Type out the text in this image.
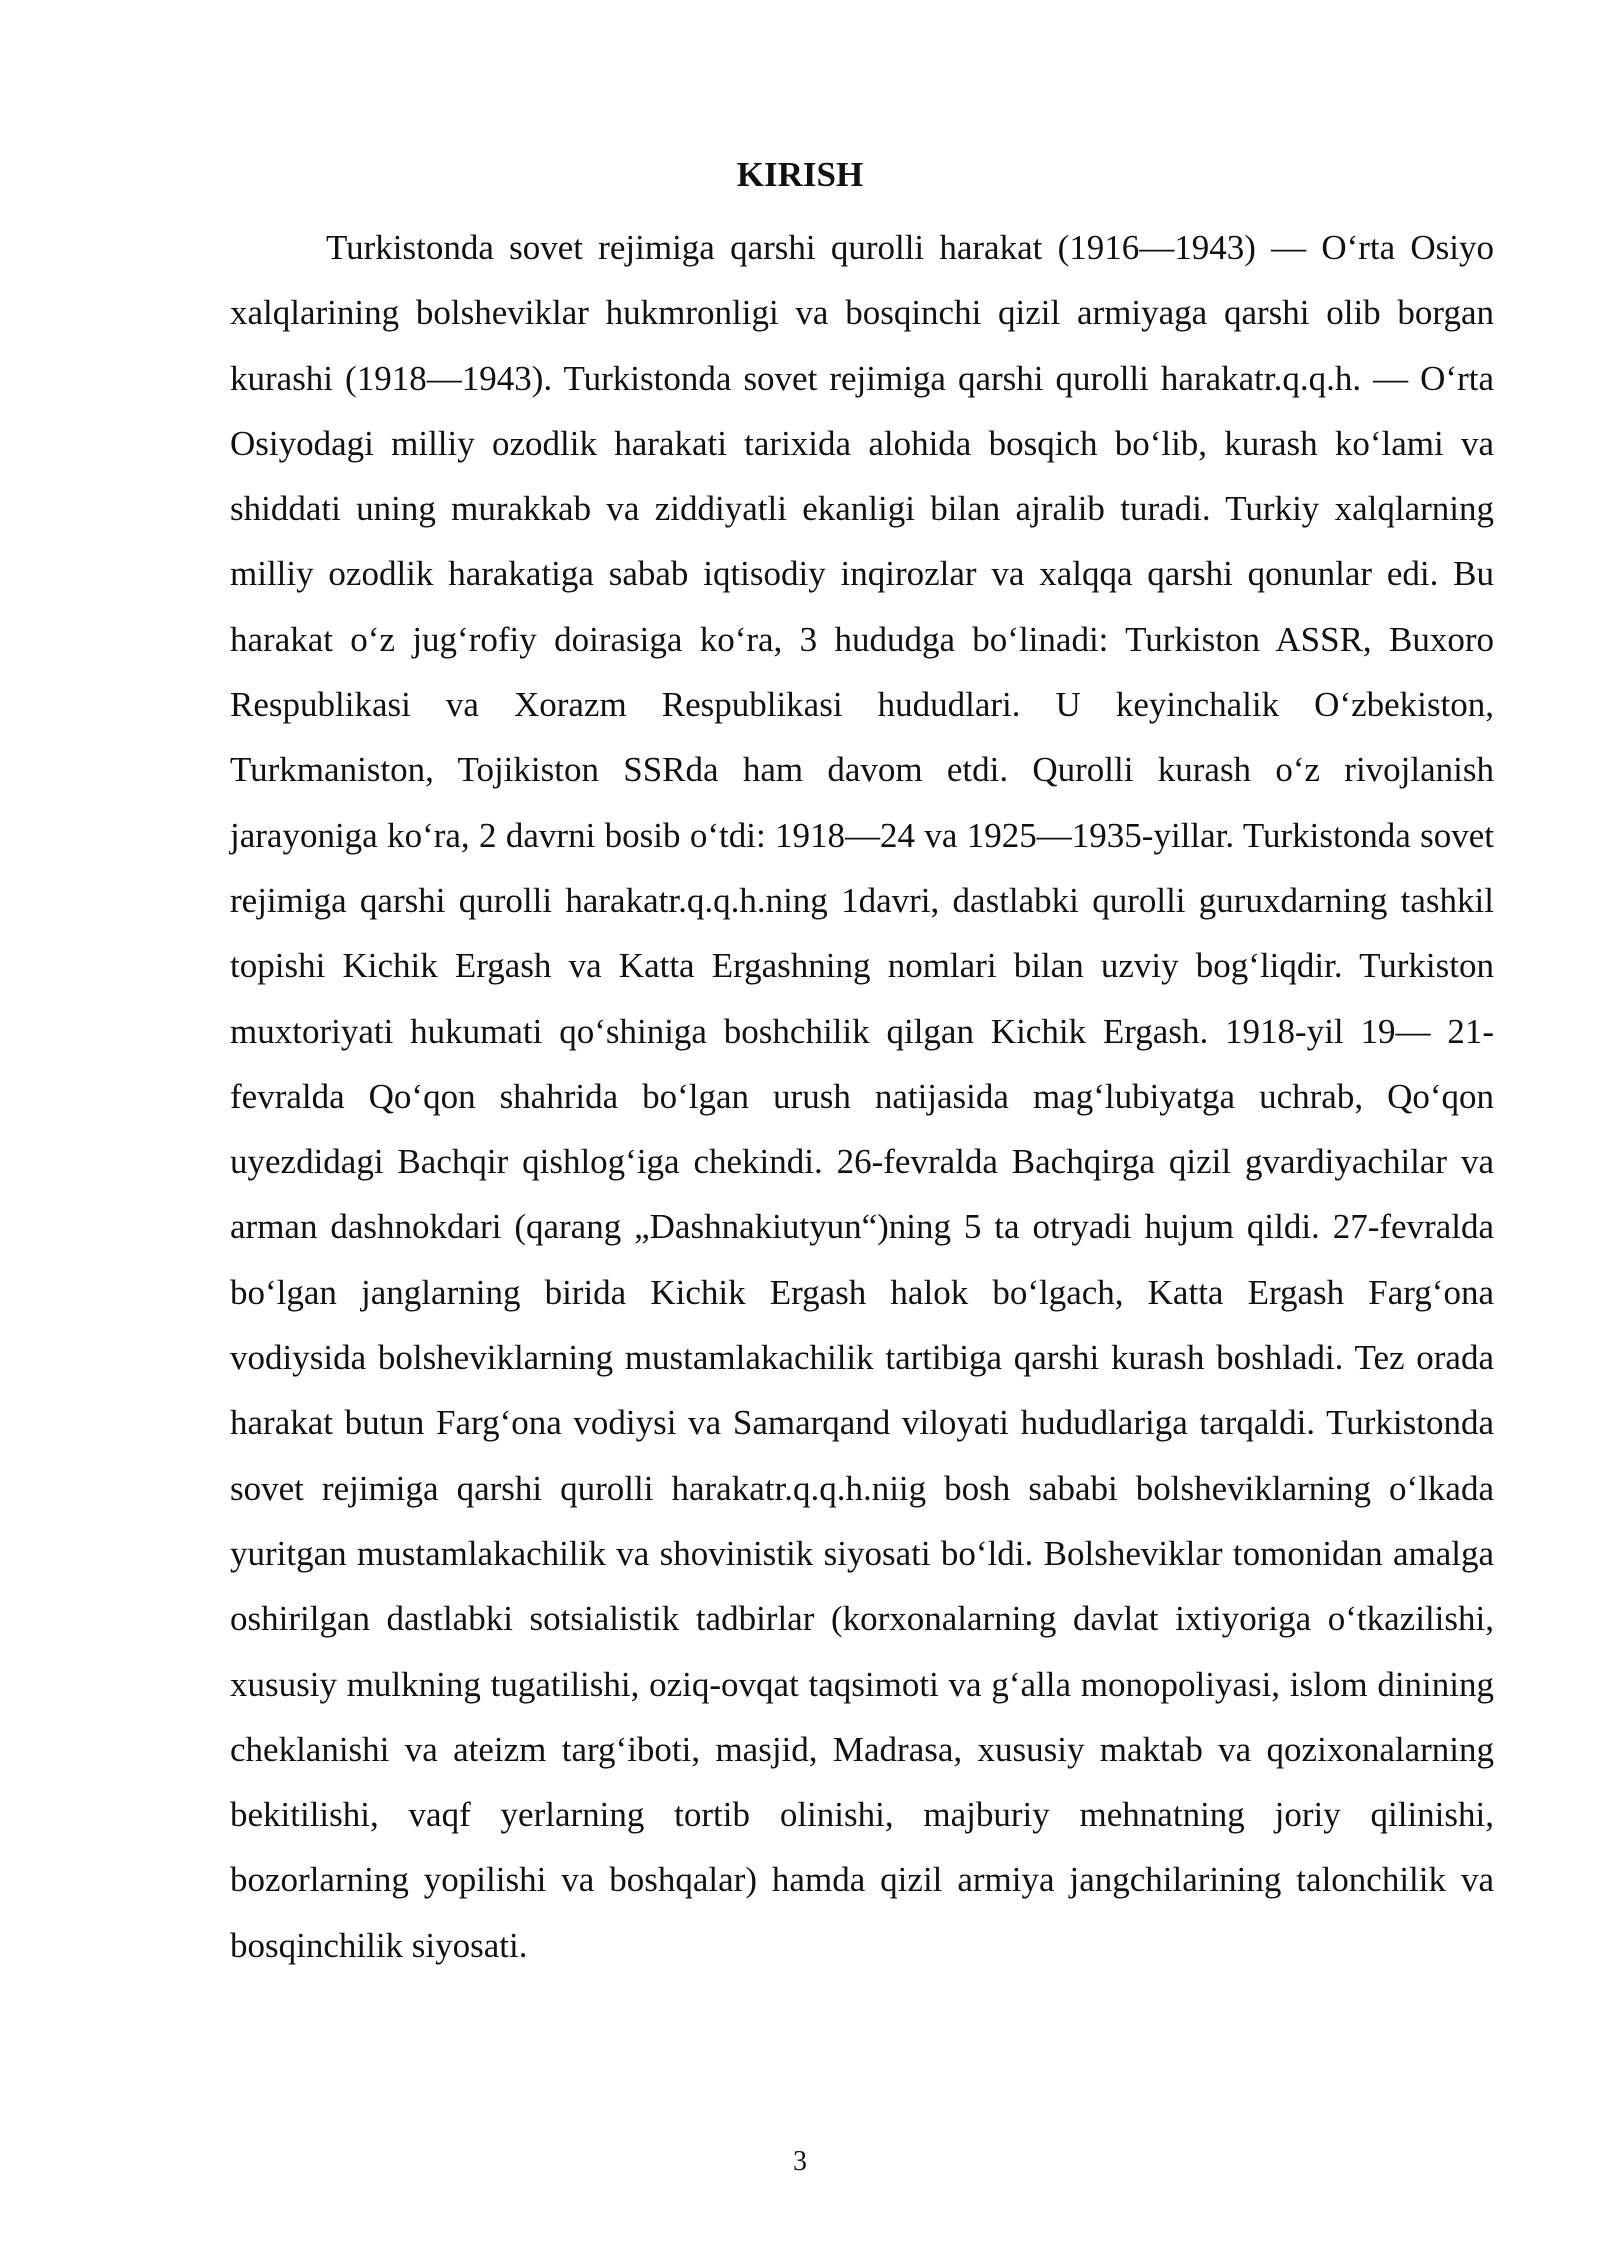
KIRISH

Turkistonda sovet rejimiga qarshi qurolli harakat (1916—1943) — Oʻrta Osiyo xalqlarining bolsheviklar hukmronligi va bosqinchi qizil armiyaga qarshi olib borgan kurashi (1918—1943). Turkistonda sovet rejimiga qarshi qurolli harakatr.q.q.h. — Oʻrta Osiyodagi milliy ozodlik harakati tarixida alohida bosqich boʻlib, kurash koʻlami va shiddati uning murakkab va ziddiyatli ekanligi bilan ajralib turadi. Turkiy xalqlarning milliy ozodlik harakatiga sabab iqtisodiy inqirozlar va xalqqa qarshi qonunlar edi. Bu harakat oʻz jugʻrofiy doirasiga koʻra, 3 hududga boʻlinadi: Turkiston ASSR, Buxoro Respublikasi va Xorazm Respublikasi hududlari. U keyinchalik Oʻzbekiston, Turkmaniston, Tojikiston SSRda ham davom etdi. Qurolli kurash oʻz rivojlanish jarayoniga koʻra, 2 davrni bosib oʻtdi: 1918—24 va 1925—1935-yillar. Turkistonda sovet rejimiga qarshi qurolli harakatr.q.q.h.ning 1davri, dastlabki qurolli guruxdarning tashkil topishi Kichik Ergash va Katta Ergashning nomlari bilan uzviy bogʻliqdir. Turkiston muxtoriyati hukumati qoʻshiniga boshchilik qilgan Kichik Ergash. 1918-yil 19— 21-fevralda Qoʻqon shahrida boʻlgan urush natijasida magʻlubiyatga uchrab, Qoʻqon uyezdidagi Bachqir qishlogʻiga chekindi. 26-fevralda Bachqirga qizil gvardiyachilar va arman dashnokdari (qarang „Dashnakiutyun“)ning 5 ta otryadi hujum qildi. 27-fevralda boʻlgan janglarning birida Kichik Ergash halok boʻlgach, Katta Ergash Fargʻona vodiysida bolsheviklarning mustamlakachilik tartibiga qarshi kurash boshladi. Tez orada harakat butun Fargʻona vodiysi va Samarqand viloyati hududlariga tarqaldi. Turkistonda sovet rejimiga qarshi qurolli harakatr.q.q.h.niig bosh sababi bolsheviklarning oʻlkada yuritgan mustamlakachilik va shovinistik siyosati boʻldi. Bolsheviklar tomonidan amalga oshirilgan dastlabki sotsialistik tadbirlar (korxonalarning davlat ixtiyoriga oʻtkazilishi, xususiy mulkning tugatilishi, oziq-ovqat taqsimoti va gʻalla monopoliyasi, islom dinining cheklanishi va ateizm targʻiboti, masjid, Madrasa, xususiy maktab va qozixonalarning bekitilishi, vaqf yerlarning tortib olinishi, majburiy mehnatning joriy qilinishi, bozorlarning yopilishi va boshqalar) hamda qizil armiya jangchilarining talonchilik va bosqinchilik siyosati.

3
